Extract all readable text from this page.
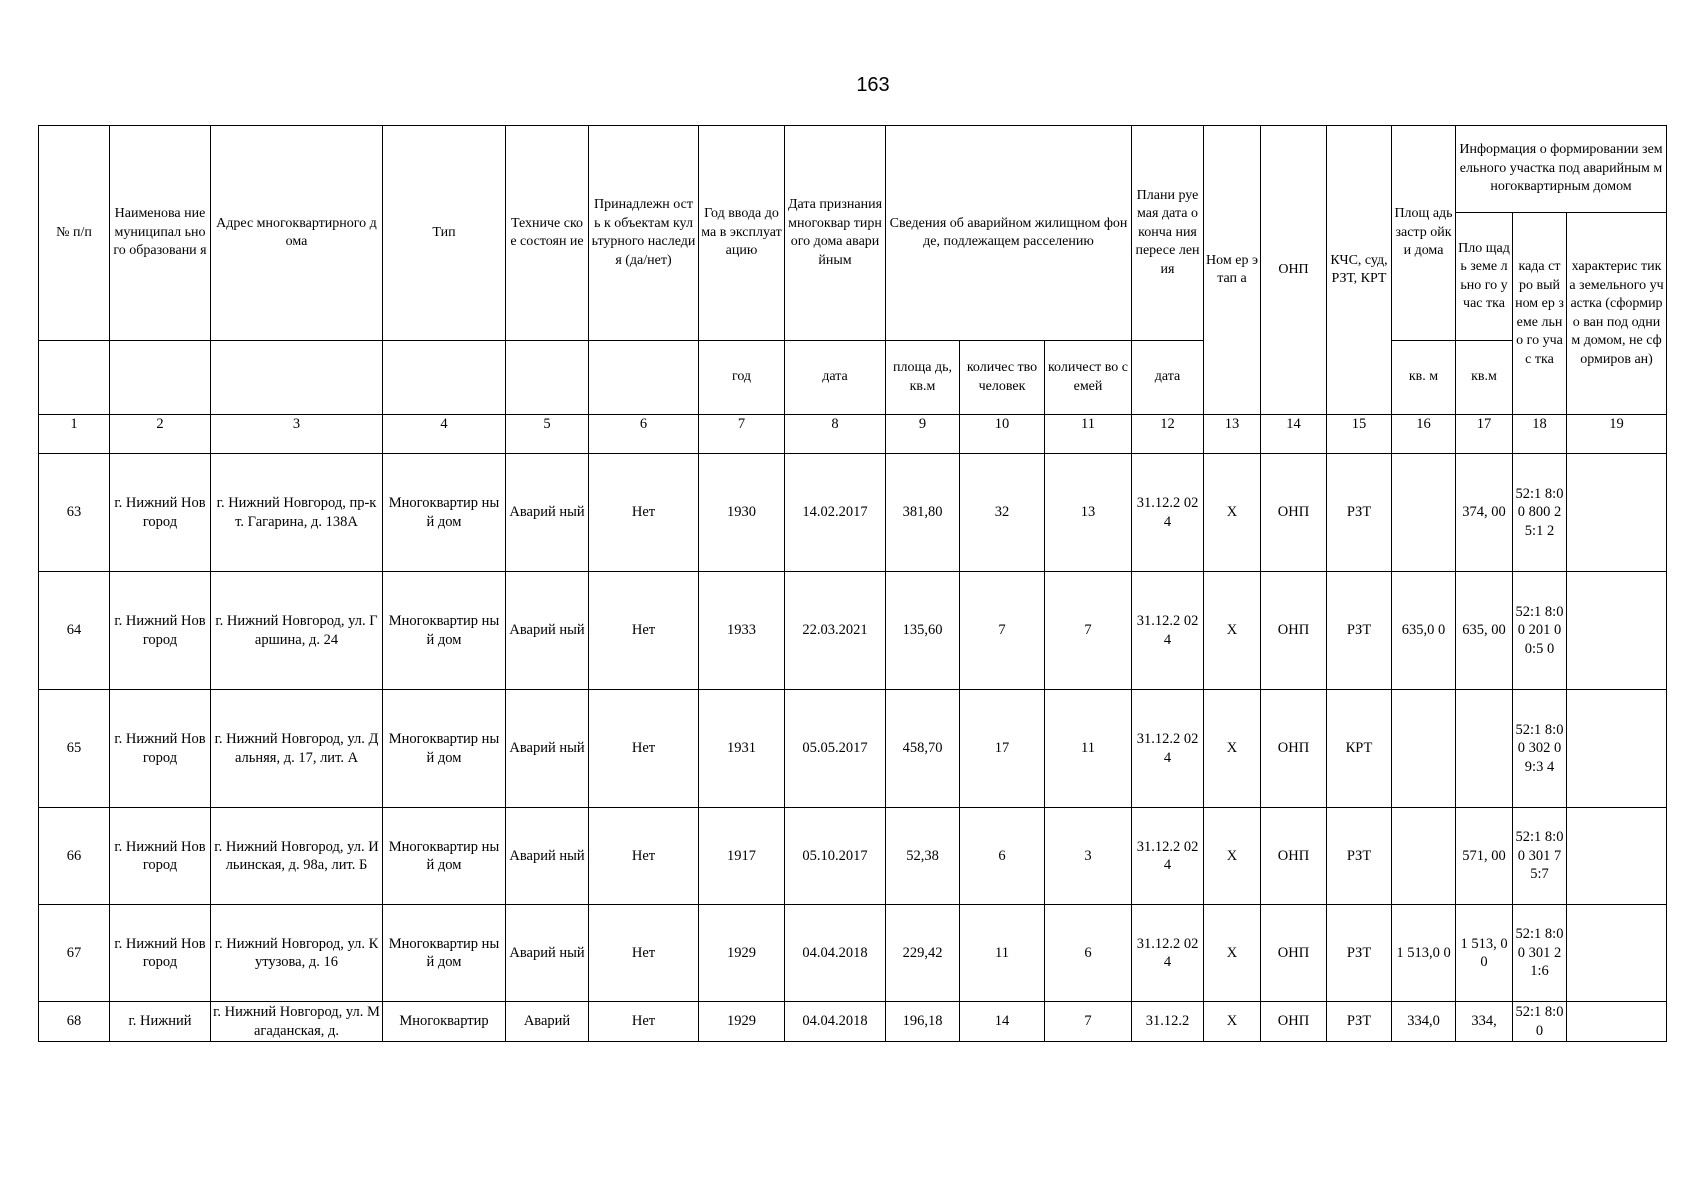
163
№ п/п	Наименова ние муниципал ьного образовани я	Адрес многоквартирного дома	Тип	Техниче ское состоян ие	Принадлежн ость к объектам культурного наследия (да/нет)	Год ввода дома в эксплуат ацию	Дата признания многоквар тирного дома аварийным	Сведения об аварийном жилищном фонде, подлежащем расселению			Плани руемая дата оконча ния пересе ления	Ном ер этап а	ОНП	КЧС, суд, РЗТ, КРТ	Площ адь застр ойки дома	Информация о формировании земельного участка под аварийным многоквартирным домом		
																Пло щадь земе льно го учас тка	када стро вый ном ер земе льно го учас тка	характерис тика земельного участка (сформиро ван под одним домом, не сформиров ан)
						год	дата	площа дь, кв.м	количес тво человек	количест во семей	дата				кв. м	кв.м		
1	2	3	4	5	6	7	8	9	10	11	12	13	14	15	16	17	18	19
63	г. Нижний Новгород	г. Нижний Новгород, пр-кт. Гагарина, д. 138А	Многоквартир ный дом	Аварий ный	Нет	1930	14.02.2017	381,80	32	13	31.12.2 024	X	ОНП	РЗТ		374, 00	52:1 8:00 800 25:1 2	
64	г. Нижний Новгород	г. Нижний Новгород, ул. Гаршина, д. 24	Многоквартир ный дом	Аварий ный	Нет	1933	22.03.2021	135,60	7	7	31.12.2 024	X	ОНП	РЗТ	635,0 0	635, 00	52:1 8:00 201 00:5 0	
65	г. Нижний Новгород	г. Нижний Новгород, ул. Дальняя, д. 17, лит. А	Многоквартир ный дом	Аварий ный	Нет	1931	05.05.2017	458,70	17	11	31.12.2 024	X	ОНП	КРТ			52:1 8:00 302 09:3 4	
66	г. Нижний Новгород	г. Нижний Новгород, ул. Ильинская, д. 98а, лит. Б	Многоквартир ный дом	Аварий ный	Нет	1917	05.10.2017	52,38	6	3	31.12.2 024	X	ОНП	РЗТ		571, 00	52:1 8:00 301 75:7	
67	г. Нижний Новгород	г. Нижний Новгород, ул. Кутузова, д. 16	Многоквартир ный дом	Аварий ный	Нет	1929	04.04.2018	229,42	11	6	31.12.2 024	X	ОНП	РЗТ	1 513,0 0	1 513, 00	52:1 8:00 301 21:6	
68	г. Нижний	г. Нижний Новгород, ул. Магаданская, д.	Многоквартир	Аварий	Нет	1929	04.04.2018	196,18	14	7	31.12.2	X	ОНП	РЗТ	334,0	334,	52:1 8:00	
